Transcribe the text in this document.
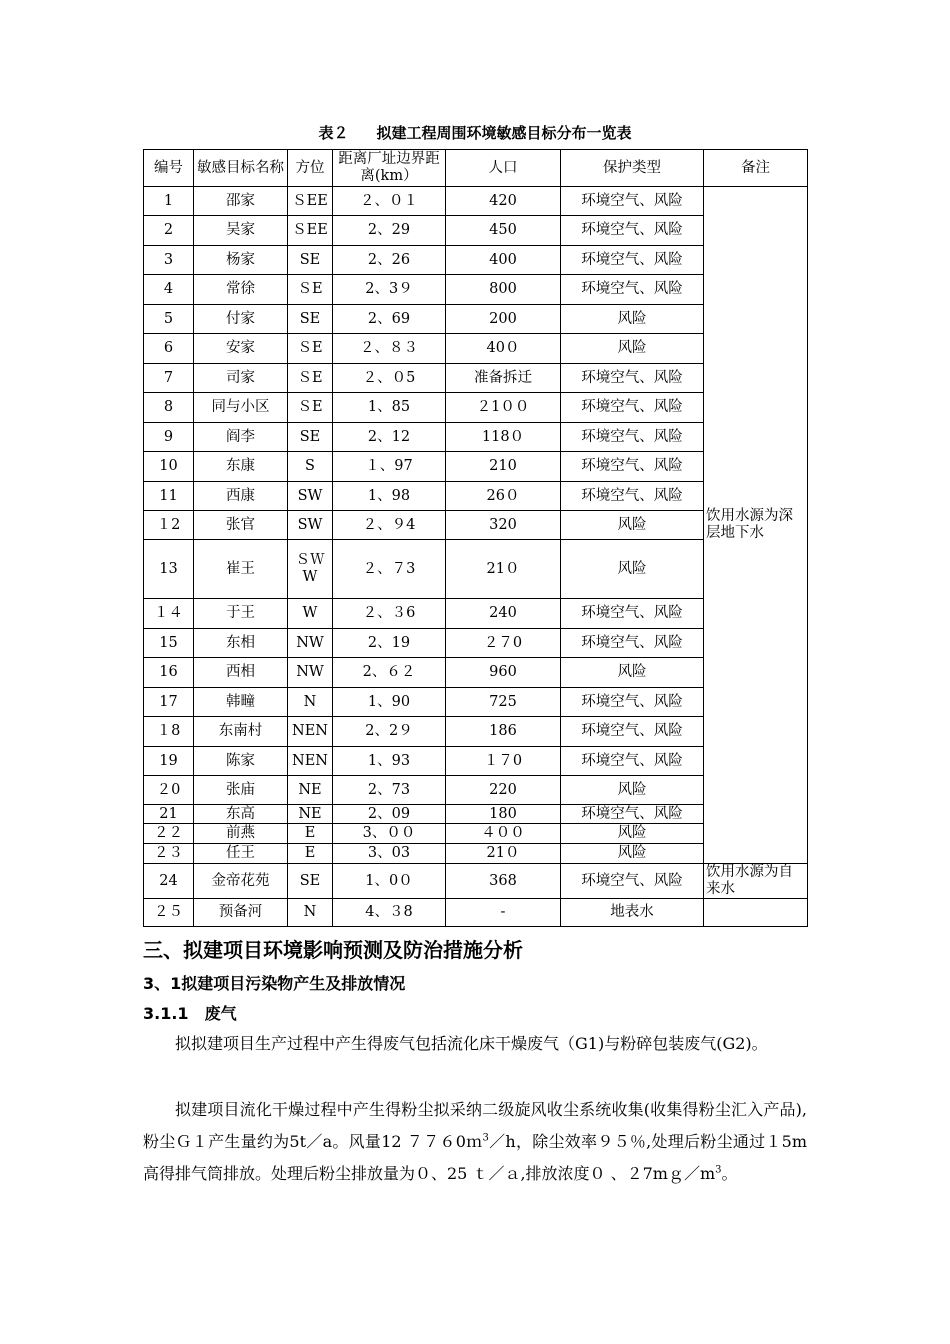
表２ 拟建工程周围环境敏感目标分布一览表
编号	敏感目标名称	方位	距离厂址边界距离(km）	人口	保护类型	备注
1	邵家	ＳEE	２、０１	420	环境空气、风险	饮用水源为深层地下水
2	吴家	ＳEE	2、29	450	环境空气、风险	
3	杨家	SE	2、26	400	环境空气、风险	
4	常徐	ＳE	2、3９	800	环境空气、风险	
5	付家	SE	2、69	200	风险	
6	安家	ＳE	２、８３	40０	风险	
7	司家	ＳE	２、０5	准备拆迁	环境空气、风险	
8	同与小区	ＳE	1、85	２1００	环境空气、风险	
9	阎李	SE	2、12	118０	环境空气、风险	
10	东康	S	１、97	210	环境空气、风险	
11	西康	SW	1、98	26０	环境空气、风险	
１2	张官	SW	２、９4	320	风险	
13	崔王	ＳＷW	２、７3	21０	风险	
１４	于王	W	２、３6	240	环境空气、风险	
15	东相	NW	2、19	２７0	环境空气、风险	
16	西相	NW	2、６２	960	风险	
17	韩疃	N	1、90	725	环境空气、风险	
１8	东南村	NEN	2、2９	186	环境空气、风险	
19	陈家	NEN	1、93	１７0	环境空气、风险	
２0	张庙	NE	2、73	220	风险	
21	东高	NE	2、09	180	环境空气、风险	
２２	前燕	E	3、００	４００	风险	
２３	任王	E	3、03	21０	风险	
24	金帝花苑	SE	1、0０	368	环境空气、风险	饮用水源为自来水
２５	预备河	N	4、３8	-	地表水	
三、拟建项目环境影响预测及防治措施分析
3、1拟建项目污染物产生及排放情况
3.1.1 废气
拟拟建项目生产过程中产生得废气包括流化床干燥废气（G1)与粉碎包装废气(G2)。
拟建项目流化干燥过程中产生得粉尘拟采纳二级旋风收尘系统收集(收集得粉尘汇入产品),粉尘Ｇ１产生量约为5t／a。风量12 ７７６0ｍ$^3$／h，除尘效率９５％,处理后粉尘通过１5m高得排气筒排放。处理后粉尘排放量为０、25 ｔ／ａ,排放浓度０ 、$27mg/m^3$。
